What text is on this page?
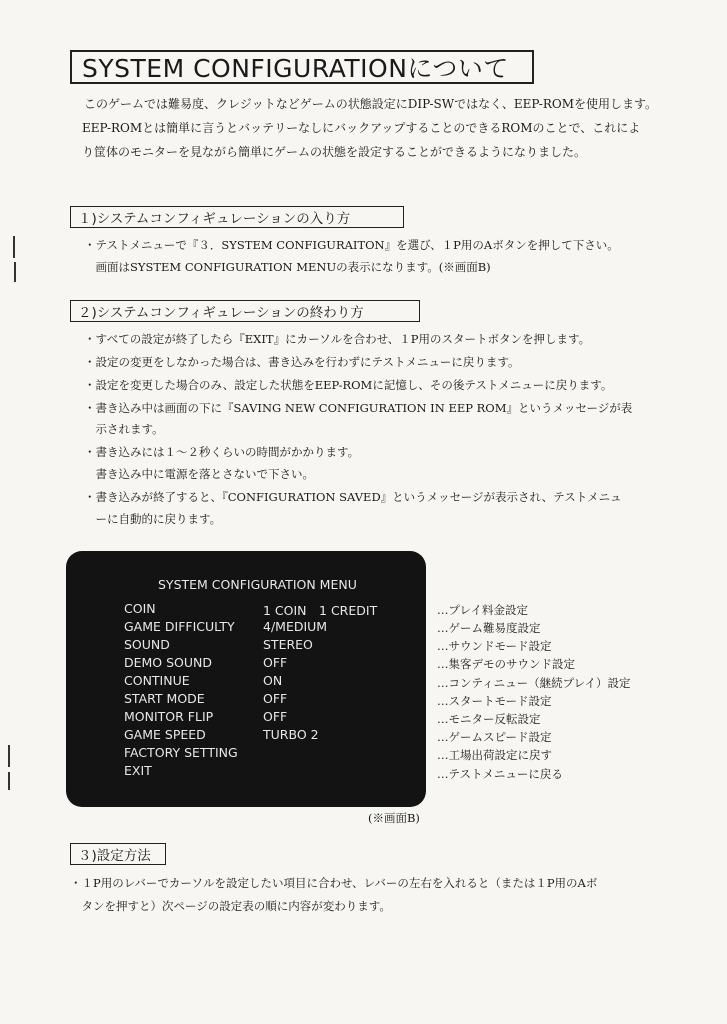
SYSTEM CONFIGURATIONについて
このゲームでは難易度、クレジットなどゲームの状態設定にDIP-SWではなく、EEP-ROMを使用します。
EEP-ROMとは簡単に言うとバッテリーなしにバックアップすることのできるROMのことで、これによ
り筐体のモニターを見ながら簡単にゲームの状態を設定することができるようになりました。
１)システムコンフィギュレーションの入り方
・テストメニューで『３．SYSTEM CONFIGURAITON』を選び、１P用のAボタンを押して下さい。
　画面はSYSTEM CONFIGURATION MENUの表示になります。(※画面B)
２)システムコンフィギュレーションの終わり方
・すべての設定が終了したら『EXIT』にカーソルを合わせ、１P用のスタートボタンを押します。
・設定の変更をしなかった場合は、書き込みを行わずにテストメニューに戻ります。
・設定を変更した場合のみ、設定した状態をEEP-ROMに記憶し、その後テストメニューに戻ります。
・書き込み中は画面の下に『SAVING NEW CONFIGURATION IN EEP ROM』というメッセージが表
　示されます。
・書き込みには１～２秒くらいの時間がかかります。
　書き込み中に電源を落とさないで下さい。
・書き込みが終了すると、『CONFIGURATION SAVED』というメッセージが表示され、テストメニュ
　ーに自動的に戻ります。
SYSTEM CONFIGURATION MENU
COIN	1 COIN　1 CREDIT
GAME DIFFICULTY 4/MEDIUM
SOUND	STEREO
DEMO SOUND	OFF
CONTINUE	ON
START MODE	OFF
MONITOR FLIP	OFF
GAME SPEED	TURBO 2
FACTORY SETTING
EXIT
…プレイ料金設定
…ゲーム難易度設定
…サウンドモード設定
…集客デモのサウンド設定
…コンティニュー（継続プレイ）設定
…スタートモード設定
…モニター反転設定
…ゲームスピード設定
…工場出荷設定に戻す
…テストメニューに戻る
(※画面B)
３)設定方法
・１P用のレバーでカーソルを設定したい項目に合わせ、レバーの左右を入れると（または１P用のAボ
　タンを押すと）次ページの設定表の順に内容が変わります。
